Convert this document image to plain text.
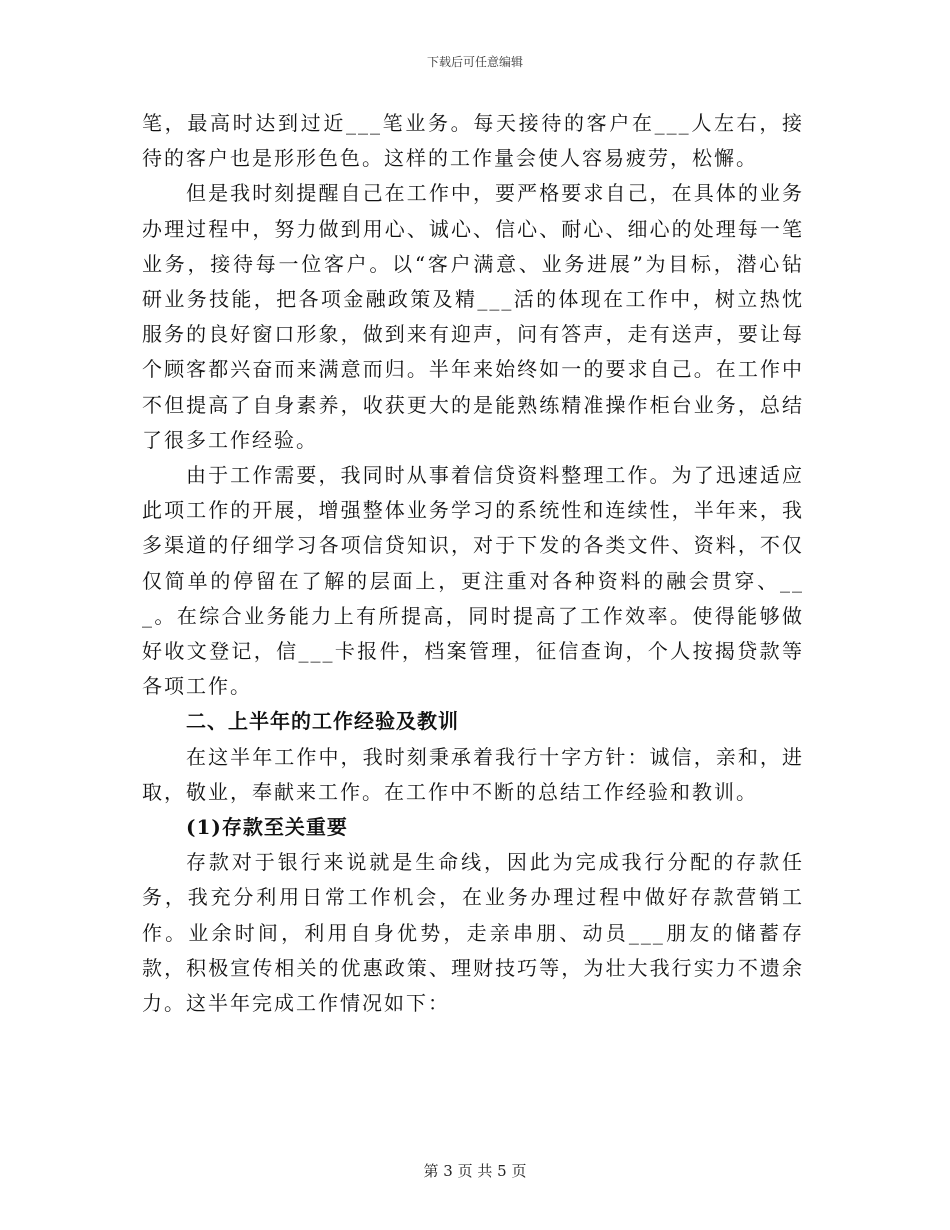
下载后可任意编辑

笔，最高时达到过近___笔业务。每天接待的客户在___人左右，接待的客户也是形形色色。这样的工作量会使人容易疲劳，松懈。

但是我时刻提醒自己在工作中，要严格要求自己，在具体的业务办理过程中，努力做到用心、诚心、信心、耐心、细心的处理每一笔业务，接待每一位客户。以“客户满意、业务进展”为目标，潜心钻研业务技能，把各项金融政策及精___活的体现在工作中，树立热忱服务的良好窗口形象，做到来有迎声，问有答声，走有送声，要让每个顾客都兴奋而来满意而归。半年来始终如一的要求自己。在工作中不但提高了自身素养，收获更大的是能熟练精准操作柜台业务，总结了很多工作经验。

由于工作需要，我同时从事着信贷资料整理工作。为了迅速适应此项工作的开展，增强整体业务学习的系统性和连续性，半年来，我多渠道的仔细学习各项信贷知识，对于下发的各类文件、资料，不仅仅简单的停留在了解的层面上，更注重对各种资料的融会贯穿、___。在综合业务能力上有所提高，同时提高了工作效率。使得能够做好收文登记，信___卡报件，档案管理，征信查询，个人按揭贷款等各项工作。

二、上半年的工作经验及教训

在这半年工作中，我时刻秉承着我行十字方针：诚信，亲和，进取，敬业，奉献来工作。在工作中不断的总结工作经验和教训。

(1)存款至关重要

存款对于银行来说就是生命线，因此为完成我行分配的存款任务，我充分利用日常工作机会，在业务办理过程中做好存款营销工作。业余时间，利用自身优势，走亲串朋、动员___朋友的储蓄存款，积极宣传相关的优惠政策、理财技巧等，为壮大我行实力不遗余力。这半年完成工作情况如下：

第 3 页 共 5 页
